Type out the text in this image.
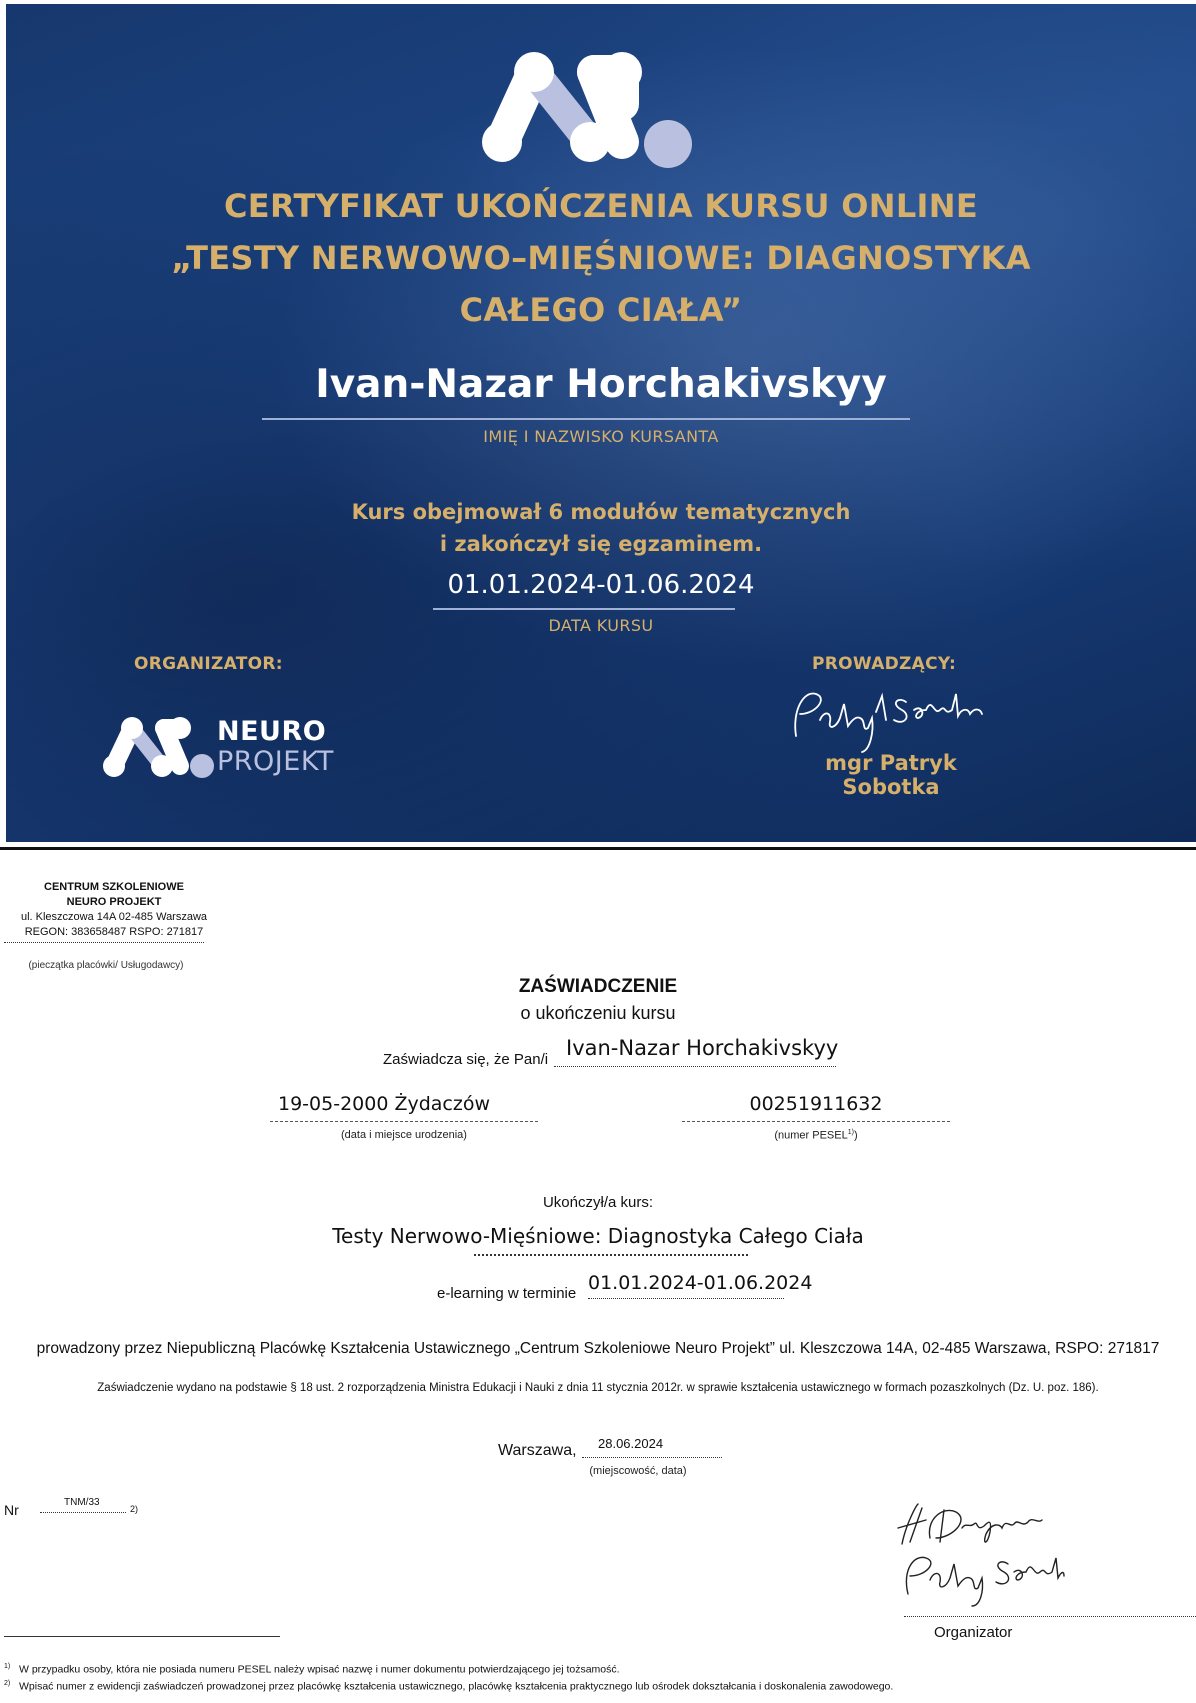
CERTYFIKAT UKOŃCZENIA KURSU ONLINE
„TESTY NERWOWO–MIĘŚNIOWE: DIAGNOSTYKA
CAŁEGO CIAŁA”
Ivan-Nazar Horchakivskyy
IMIĘ I NAZWISKO KURSANTA
Kurs obejmował 6 modułów tematycznych
i zakończył się egzaminem.
01.01.2024-01.06.2024
DATA KURSU
ORGANIZATOR:	PROWADZĄCY:
NEURO
PROJEKT	mgr Patryk Sobotka
CENTRUM SZKOLENIOWE
NEURO PROJEKT
ul. Kleszczowa 14A 02-485 Warszawa
REGON: 383658487 RSPO: 271817
(pieczątka placówki/ Usługodawcy)
ZAŚWIADCZENIE
o ukończeniu kursu
Zaświadcza się, że Pan/i Ivan-Nazar Horchakivskyy
19-05-2000 Żydaczów
(data i miejsce urodzenia)
00251911632
(numer PESEL$^{1)}$)
Ukończył/a kurs:
Testy Nerwowo-Mięśniowe: Diagnostyka Całego Ciała
e-learning w terminie 01.01.2024-01.06.2024
prowadzony przez Niepubliczną Placówkę Kształcenia Ustawicznego „Centrum Szkoleniowe Neuro Projekt” ul. Kleszczowa 14A, 02-485 Warszawa, RSPO: 271817
Zaświadczenie wydano na podstawie § 18 ust. 2 rozporządzenia Ministra Edukacji i Nauki z dnia 11 stycznia 2012r. w sprawie kształcenia ustawicznego w formach pozaszkolnych (Dz. U. poz. 186).
Warszawa, 28.06.2024
(miejscowość, data)
Nr	TNM/33
2)
Organizator
$^{1)}$ W przypadku osoby, która nie posiada numeru PESEL należy wpisać nazwę i numer dokumentu potwierdzającego jej tożsamość.
$^{2)}$ Wpisać numer z ewidencji zaświadczeń prowadzonej przez placówkę kształcenia ustawicznego, placówkę kształcenia praktycznego lub ośrodek dokształcania i doskonalenia zawodowego.
